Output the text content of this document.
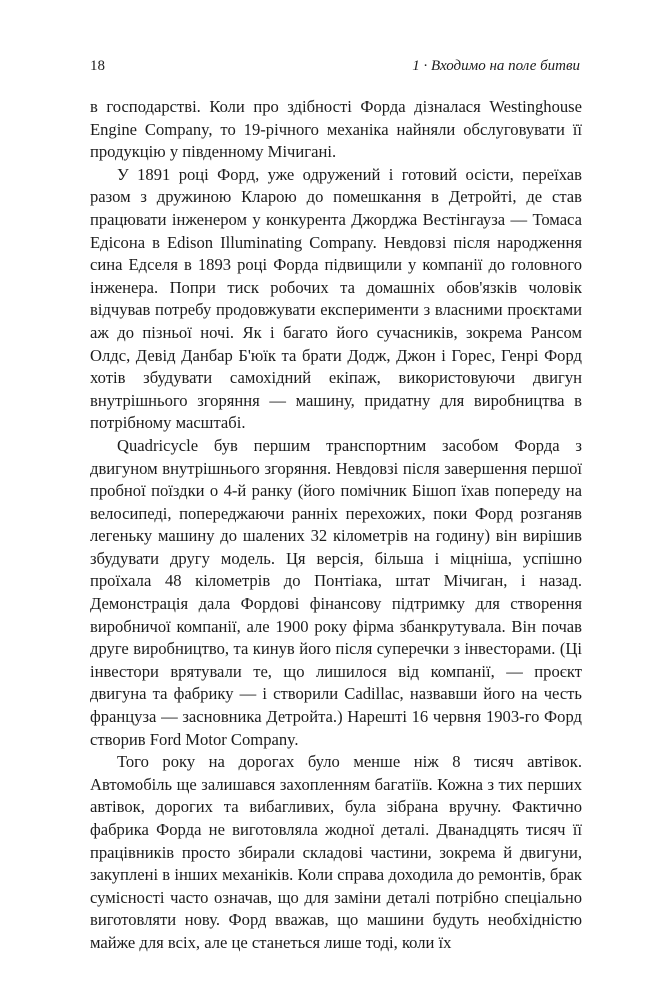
18	1 · Входимо на поле битви

в господарстві. Коли про здібності Форда дізналася Westinghouse Engine Company, то 19-річного механіка найняли обслуговувати її продукцію у південному Мічигані.

У 1891 році Форд, уже одружений і готовий осісти, переїхав разом з дружиною Кларою до помешкання в Детройті, де став працювати інженером у конкурента Джорджа Вестінгауза — Томаса Едісона в Edison Illuminating Company. Невдовзі після народження сина Едселя в 1893 році Форда підвищили у компанії до головного інженера. Попри тиск робочих та домашніх обов'язків чоловік відчував потребу продовжувати експерименти з власними проєктами аж до пізньої ночі. Як і багато його сучасників, зокрема Рансом Олдс, Девід Данбар Б'юїк та брати Додж, Джон і Горес, Генрі Форд хотів збудувати самохідний екіпаж, використовуючи двигун внутрішнього згоряння — машину, придатну для виробництва в потрібному масштабі.

Quadricycle був першим транспортним засобом Форда з двигуном внутрішнього згоряння. Невдовзі після завершення першої пробної поїздки о 4-й ранку (його помічник Бішоп їхав попереду на велосипеді, попереджаючи ранніх перехожих, поки Форд розганяв легеньку машину до шалених 32 кілометрів на годину) він вирішив збудувати другу модель. Ця версія, більша і міцніша, успішно проїхала 48 кілометрів до Понтіака, штат Мічиган, і назад. Демонстрація дала Фордові фінансову підтримку для створення виробничої компанії, але 1900 року фірма збанкрутувала. Він почав друге виробництво, та кинув його після суперечки з інвесторами. (Ці інвестори врятували те, що лишилося від компанії, — проєкт двигуна та фабрику — і створили Cadillac, назвавши його на честь француза — засновника Детройта.) Нарешті 16 червня 1903-го Форд створив Ford Motor Company.

Того року на дорогах було менше ніж 8 тисяч автівок. Автомобіль ще залишався захопленням багатіїв. Кожна з тих перших автівок, дорогих та вибагливих, була зібрана вручну. Фактично фабрика Форда не виготовляла жодної деталі. Дванадцять тисяч її працівників просто збирали складові частини, зокрема й двигуни, закуплені в інших механіків. Коли справа доходила до ремонтів, брак сумісності часто означав, що для заміни деталі потрібно спеціально виготовляти нову. Форд вважав, що машини будуть необхідністю майже для всіх, але це станеться лише тоді, коли їх
